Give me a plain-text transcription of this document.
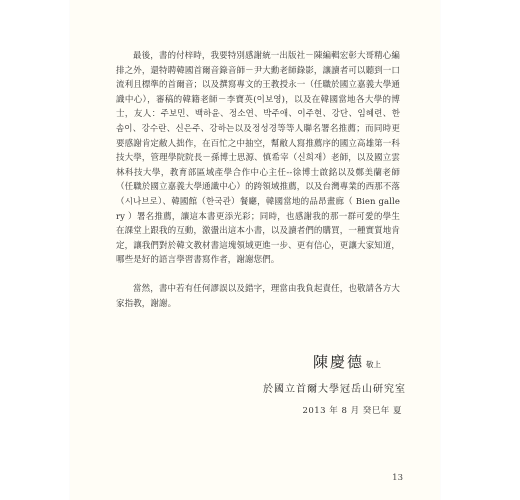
最後，書的付梓時，我要特別感謝統一出版社－陳編輯宏彰大哥精心編排之外，還特聘韓國首爾音錄音師－尹大勳老師錄影，讓讀者可以聽到一口流利且標準的首爾音；以及撰寫專文的王教授永一（任職於國立嘉義大學通識中心），審稿的韓籍老師－李寶英(이보영)，以及在韓國當地各大學的博士，友人：주보민、백하윤、정소연、박주애、이주현、강단、임혜련、한솜이、강수란、신은주、강하는以及정성경等等人聯名署名推薦；而同時更要感謝肯定敝人拙作，在百忙之中抽空，幫敝人寫推薦序的國立高雄第一科技大學，管理學院院長－孫博士思源、慎希宰（신희재）老師，以及國立雲林科技大學，教育部區域產學合作中心主任--徐博士啟銘以及鄭美蘭老師（任職於國立嘉義大學通識中心）的跨領域推薦，以及台灣專業的西那不落（시나브로）、韓國館（한국관）餐廳，韓國當地的品昂畫廊（ Bien gallery ）署名推薦，讓這本書更添光彩；同時，也感謝我的那一群可愛的學生在課堂上跟我的互動，激盪出這本小書，以及讀者們的購買，一種實質地肯定，讓我們對於韓文教材書這塊領域更進一步、更有信心，更讓大家知道，哪些是好的語言學習書寫作者，謝謝您們。

當然，書中若有任何謬誤以及錯字，理當由我負起責任，也敬請各方大家指教，謝謝。

陳慶德 敬上
於國立首爾大學冠岳山研究室
2013 年 8 月 癸巳年 夏
13
